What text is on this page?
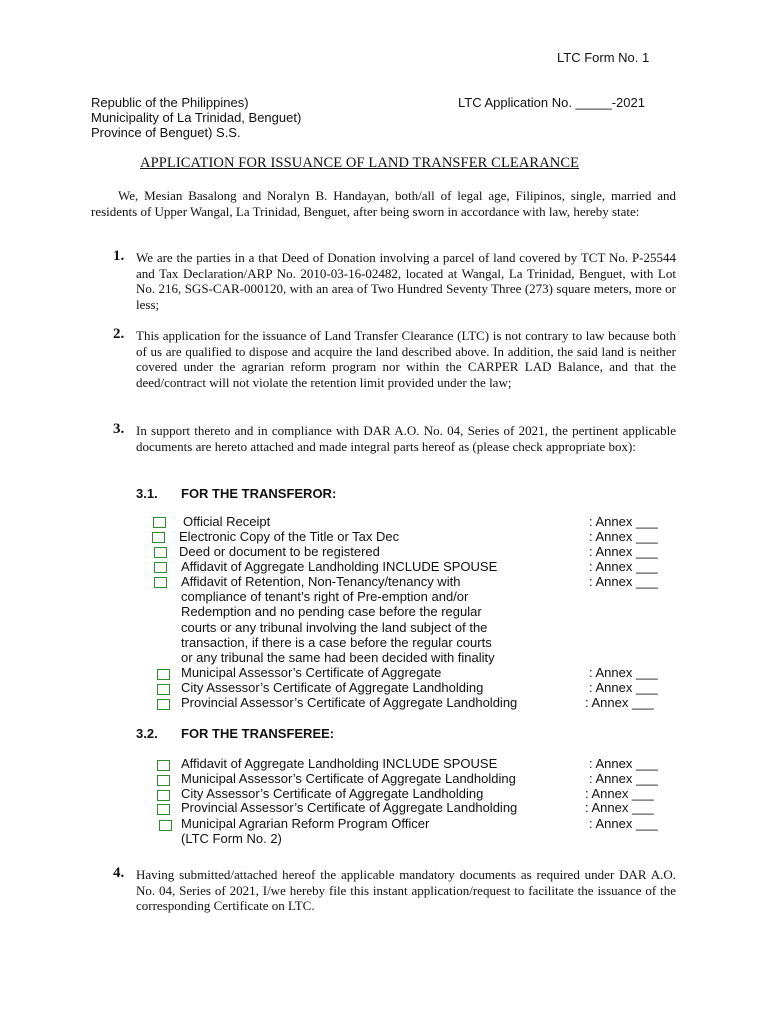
LTC Form No. 1
Republic of the Philippines)
Municipality of La Trinidad, Benguet)
Province of Benguet) S.S.
LTC Application No. _____-2021
APPLICATION FOR ISSUANCE OF LAND TRANSFER CLEARANCE
We, Mesian Basalong and Noralyn B. Handayan, both/all of legal age, Filipinos, single, married and residents of Upper Wangal, La Trinidad, Benguet, after being sworn in accordance with law, hereby state:
1. We are the parties in a that Deed of Donation involving a parcel of land covered by TCT No. P-25544 and Tax Declaration/ARP No. 2010-03-16-02482, located at Wangal, La Trinidad, Benguet, with Lot No. 216, SGS-CAR-000120, with an area of Two Hundred Seventy Three (273) square meters, more or less;
2. This application for the issuance of Land Transfer Clearance (LTC) is not contrary to law because both of us are qualified to dispose and acquire the land described above. In addition, the said land is neither covered under the agrarian reform program nor within the CARPER LAD Balance, and that the deed/contract will not violate the retention limit provided under the law;
3. In support thereto and in compliance with DAR A.O. No. 04, Series of 2021, the pertinent applicable documents are hereto attached and made integral parts hereof as (please check appropriate box):
3.1. FOR THE TRANSFEROR:
Official Receipt	: Annex ___
Electronic Copy of the Title or Tax Dec	: Annex ___
Deed or document to be registered	: Annex ___
Affidavit of Aggregate Landholding INCLUDE SPOUSE	: Annex ___
Affidavit of Retention, Non-Tenancy/tenancy with
compliance of tenant’s right of Pre-emption and/or
Redemption and no pending case before the regular
courts or any tribunal involving the land subject of the
transaction, if there is a case before the regular courts
or any tribunal the same had been decided with finality
: Annex ___
Municipal Assessor’s Certificate of Aggregate	: Annex ___
City Assessor’s Certificate of Aggregate Landholding	: Annex ___
Provincial Assessor’s Certificate of Aggregate Landholding	: Annex ___
3.2. FOR THE TRANSFEREE:
Affidavit of Aggregate Landholding INCLUDE SPOUSE	: Annex ___
Municipal Assessor’s Certificate of Aggregate Landholding	: Annex ___
City Assessor’s Certificate of Aggregate Landholding	: Annex ___
Provincial Assessor’s Certificate of Aggregate Landholding	: Annex ___
Municipal Agrarian Reform Program Officer
(LTC Form No. 2)
: Annex ___
4. Having submitted/attached hereof the applicable mandatory documents as required under DAR A.O. No. 04, Series of 2021, I/we hereby file this instant application/request to facilitate the issuance of the corresponding Certificate on LTC.
